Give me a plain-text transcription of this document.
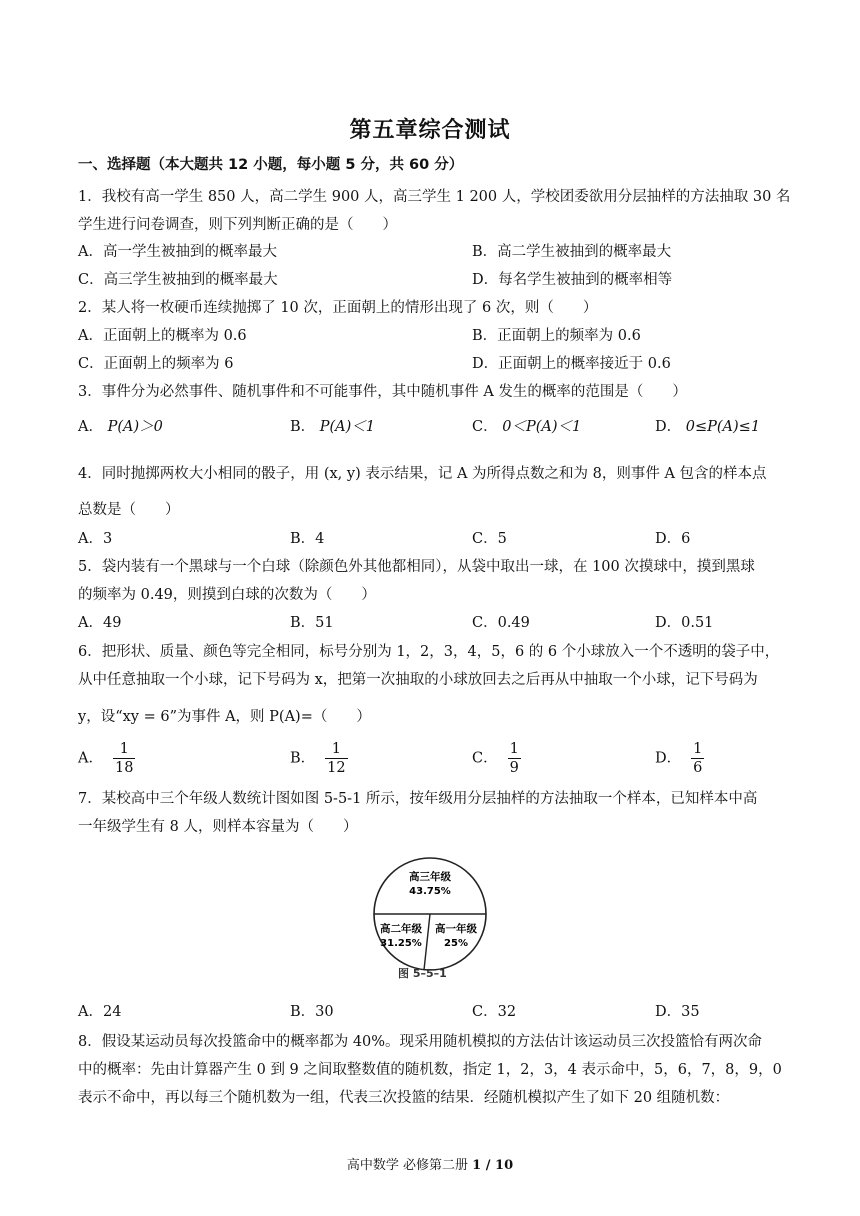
第五章综合测试
一、选择题（本大题共 12 小题，每小题 5 分，共 60 分）
1．我校有高一学生 850 人，高二学生 900 人，高三学生 1 200 人，学校团委欲用分层抽样的方法抽取 30 名
学生进行问卷调查，则下列判断正确的是（　　）
A．高一学生被抽到的概率最大	B．高二学生被抽到的概率最大
C．高三学生被抽到的概率最大	D．每名学生被抽到的概率相等
2．某人将一枚硬币连续抛掷了 10 次，正面朝上的情形出现了 6 次，则（　　）
A．正面朝上的概率为 0.6	B．正面朝上的频率为 0.6
C．正面朝上的频率为 6	D．正面朝上的概率接近于 0.6
3．事件分为必然事件、随机事件和不可能事件，其中随机事件 A 发生的概率的范围是（　　）
A． P(A)＞0	B． P(A)＜1	C． 0＜P(A)＜1	D． 0≤P(A)≤1
4．同时抛掷两枚大小相同的骰子，用 (x, y) 表示结果，记 A 为所得点数之和为 8，则事件 A 包含的样本点
总数是（　　）
A．3	B．4	C．5	D．6
5．袋内装有一个黑球与一个白球（除颜色外其他都相同），从袋中取出一球，在 100 次摸球中，摸到黑球
的频率为 0.49，则摸到白球的次数为（　　）
A．49	B．51	C．0.49	D．0.51
6．把形状、质量、颜色等完全相同，标号分别为 1，2，3，4，5，6 的 6 个小球放入一个不透明的袋子中，
从中任意抽取一个小球，记下号码为 x，把第一次抽取的小球放回去之后再从中抽取一个小球，记下号码为
y，设“xy = 6”为事件 A，则 P(A)=（　　）
A． $\frac{1}{18}$	B． $\frac{1}{12}$	C． $\frac{1}{9}$	D． $\frac{1}{6}$
7．某校高中三个年级人数统计图如图 5-5-1 所示，按年级用分层抽样的方法抽取一个样本，已知样本中高
一年级学生有 8 人，则样本容量为（　　）
高三年级
43.75%
高二年级
31.25%
高一年级
25%
图 5–5–1
A．24	B．30	C．32	D．35
8．假设某运动员每次投篮命中的概率都为 40%。现采用随机模拟的方法估计该运动员三次投篮恰有两次命
中的概率：先由计算器产生 0 到 9 之间取整数值的随机数，指定 1，2，3，4 表示命中，5，6，7，8，9，0
表示不命中，再以每三个随机数为一组，代表三次投篮的结果．经随机模拟产生了如下 20 组随机数：
高中数学 必修第二册 1 / 10
